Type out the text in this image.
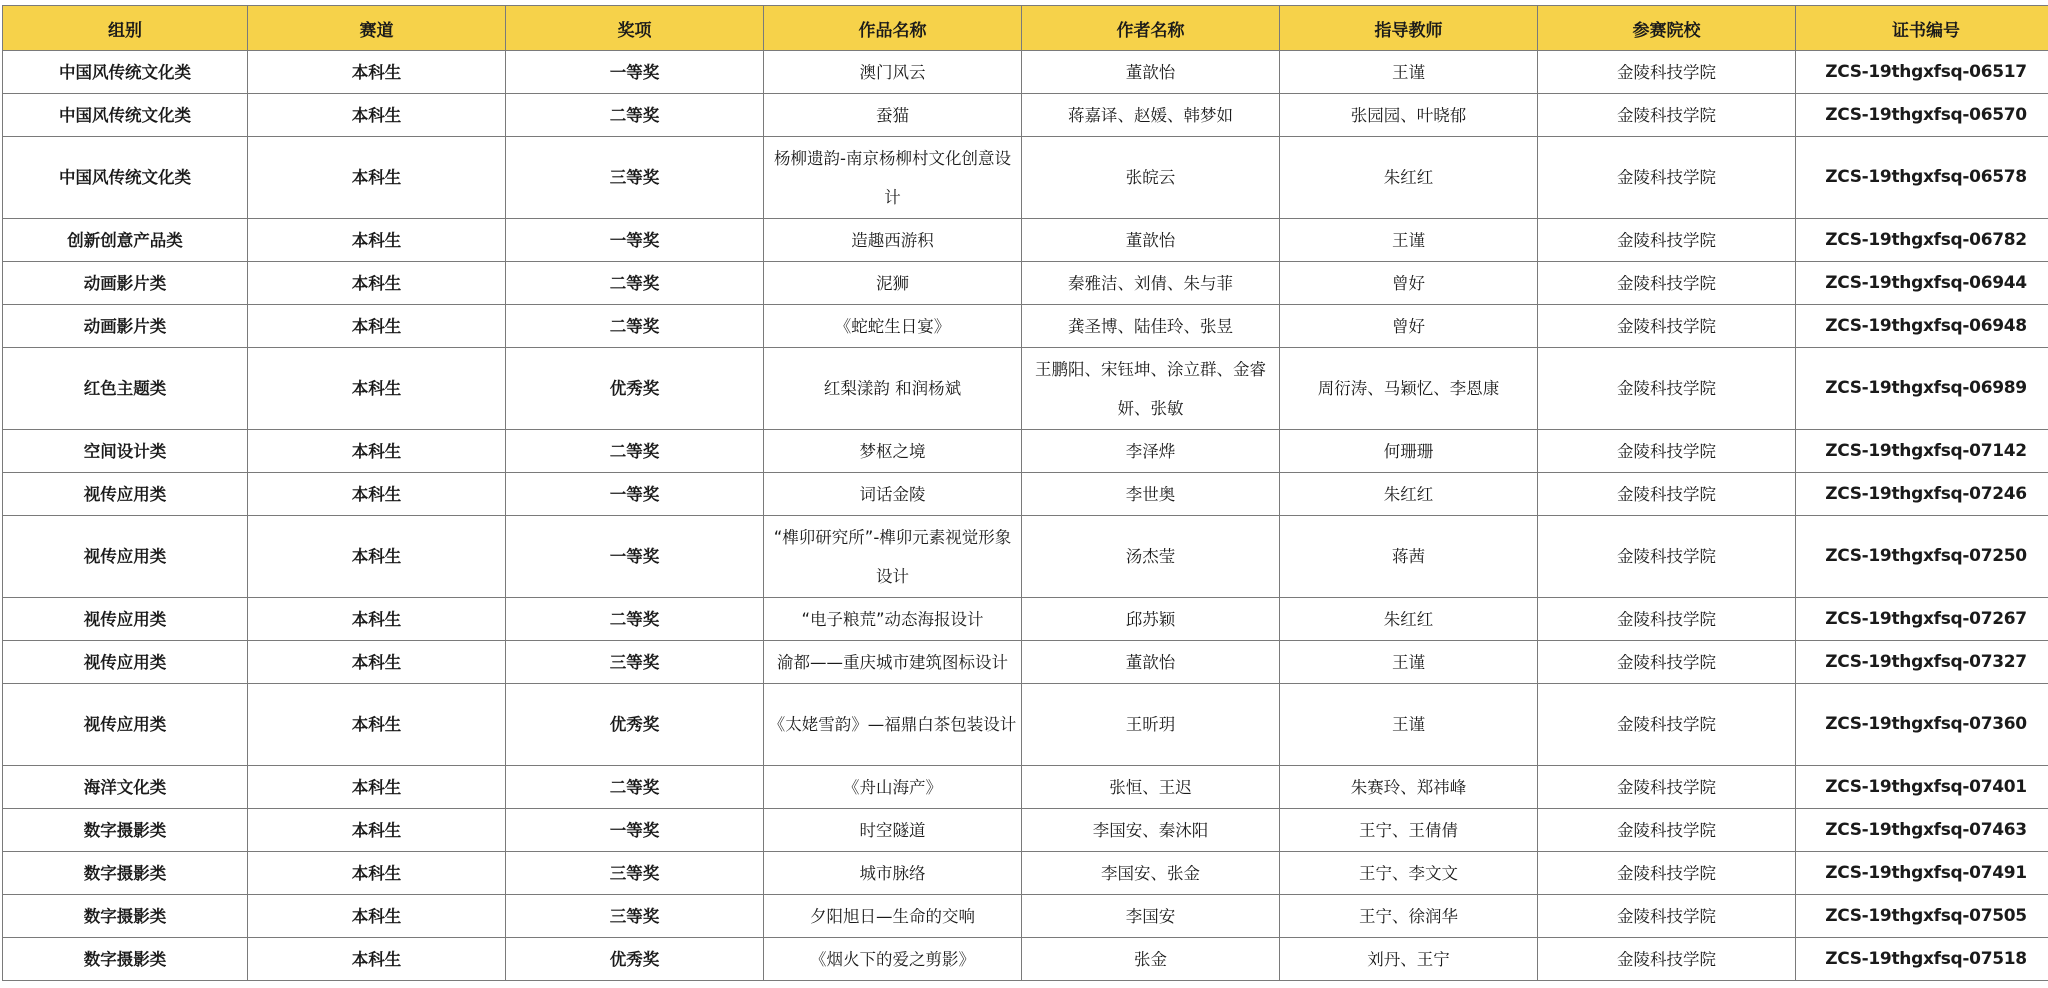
组别	赛道	奖项	作品名称	作者名称	指导教师	参赛院校	证书编号
中国风传统文化类	本科生	一等奖	澳门风云	董歆怡	王谨	金陵科技学院	ZCS-19thgxfsq-06517
中国风传统文化类	本科生	二等奖	蚕猫	蒋嘉译、赵媛、韩梦如	张园园、叶晓郁	金陵科技学院	ZCS-19thgxfsq-06570
中国风传统文化类	本科生	三等奖	杨柳遗韵-南京杨柳村文化创意设计	张皖云	朱红红	金陵科技学院	ZCS-19thgxfsq-06578
创新创意产品类	本科生	一等奖	造趣西游积	董歆怡	王谨	金陵科技学院	ZCS-19thgxfsq-06782
动画影片类	本科生	二等奖	泥狮	秦雅洁、刘倩、朱与菲	曾好	金陵科技学院	ZCS-19thgxfsq-06944
动画影片类	本科生	二等奖	《蛇蛇生日宴》	龚圣博、陆佳玲、张昱	曾好	金陵科技学院	ZCS-19thgxfsq-06948
红色主题类	本科生	优秀奖	红梨漾韵 和润杨斌	王鹏阳、宋钰坤、涂立群、金睿妍、张敏	周衍涛、马颖忆、李恩康	金陵科技学院	ZCS-19thgxfsq-06989
空间设计类	本科生	二等奖	梦枢之境	李泽烨	何珊珊	金陵科技学院	ZCS-19thgxfsq-07142
视传应用类	本科生	一等奖	词话金陵	李世奥	朱红红	金陵科技学院	ZCS-19thgxfsq-07246
视传应用类	本科生	一等奖	“榫卯研究所”-榫卯元素视觉形象设计	汤杰莹	蒋茜	金陵科技学院	ZCS-19thgxfsq-07250
视传应用类	本科生	二等奖	“电子粮荒”动态海报设计	邱苏颖	朱红红	金陵科技学院	ZCS-19thgxfsq-07267
视传应用类	本科生	三等奖	渝都——重庆城市建筑图标设计	董歆怡	王谨	金陵科技学院	ZCS-19thgxfsq-07327
视传应用类	本科生	优秀奖	《太姥雪韵》—福鼎白茶包装设计	王昕玥	王谨	金陵科技学院	ZCS-19thgxfsq-07360
海洋文化类	本科生	二等奖	《舟山海产》	张恒、王迟	朱赛玲、郑祎峰	金陵科技学院	ZCS-19thgxfsq-07401
数字摄影类	本科生	一等奖	时空隧道	李国安、秦沐阳	王宁、王倩倩	金陵科技学院	ZCS-19thgxfsq-07463
数字摄影类	本科生	三等奖	城市脉络	李国安、张金	王宁、李文文	金陵科技学院	ZCS-19thgxfsq-07491
数字摄影类	本科生	三等奖	夕阳旭日—生命的交响	李国安	王宁、徐润华	金陵科技学院	ZCS-19thgxfsq-07505
数字摄影类	本科生	优秀奖	《烟火下的爱之剪影》	张金	刘丹、王宁	金陵科技学院	ZCS-19thgxfsq-07518
